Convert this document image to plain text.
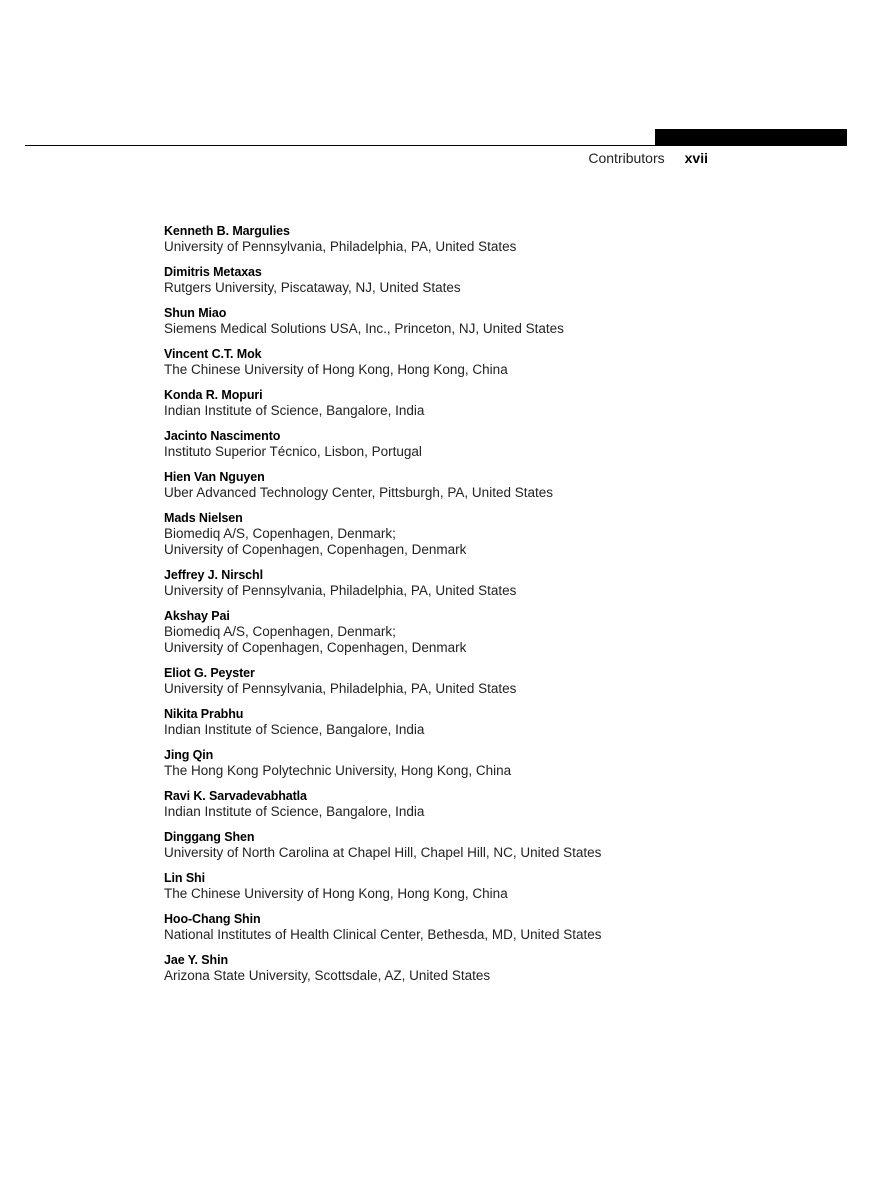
Contributors xvii
Kenneth B. Margulies
University of Pennsylvania, Philadelphia, PA, United States
Dimitris Metaxas
Rutgers University, Piscataway, NJ, United States
Shun Miao
Siemens Medical Solutions USA, Inc., Princeton, NJ, United States
Vincent C.T. Mok
The Chinese University of Hong Kong, Hong Kong, China
Konda R. Mopuri
Indian Institute of Science, Bangalore, India
Jacinto Nascimento
Instituto Superior Técnico, Lisbon, Portugal
Hien Van Nguyen
Uber Advanced Technology Center, Pittsburgh, PA, United States
Mads Nielsen
Biomediq A/S, Copenhagen, Denmark;
University of Copenhagen, Copenhagen, Denmark
Jeffrey J. Nirschl
University of Pennsylvania, Philadelphia, PA, United States
Akshay Pai
Biomediq A/S, Copenhagen, Denmark;
University of Copenhagen, Copenhagen, Denmark
Eliot G. Peyster
University of Pennsylvania, Philadelphia, PA, United States
Nikita Prabhu
Indian Institute of Science, Bangalore, India
Jing Qin
The Hong Kong Polytechnic University, Hong Kong, China
Ravi K. Sarvadevabhatla
Indian Institute of Science, Bangalore, India
Dinggang Shen
University of North Carolina at Chapel Hill, Chapel Hill, NC, United States
Lin Shi
The Chinese University of Hong Kong, Hong Kong, China
Hoo-Chang Shin
National Institutes of Health Clinical Center, Bethesda, MD, United States
Jae Y. Shin
Arizona State University, Scottsdale, AZ, United States
